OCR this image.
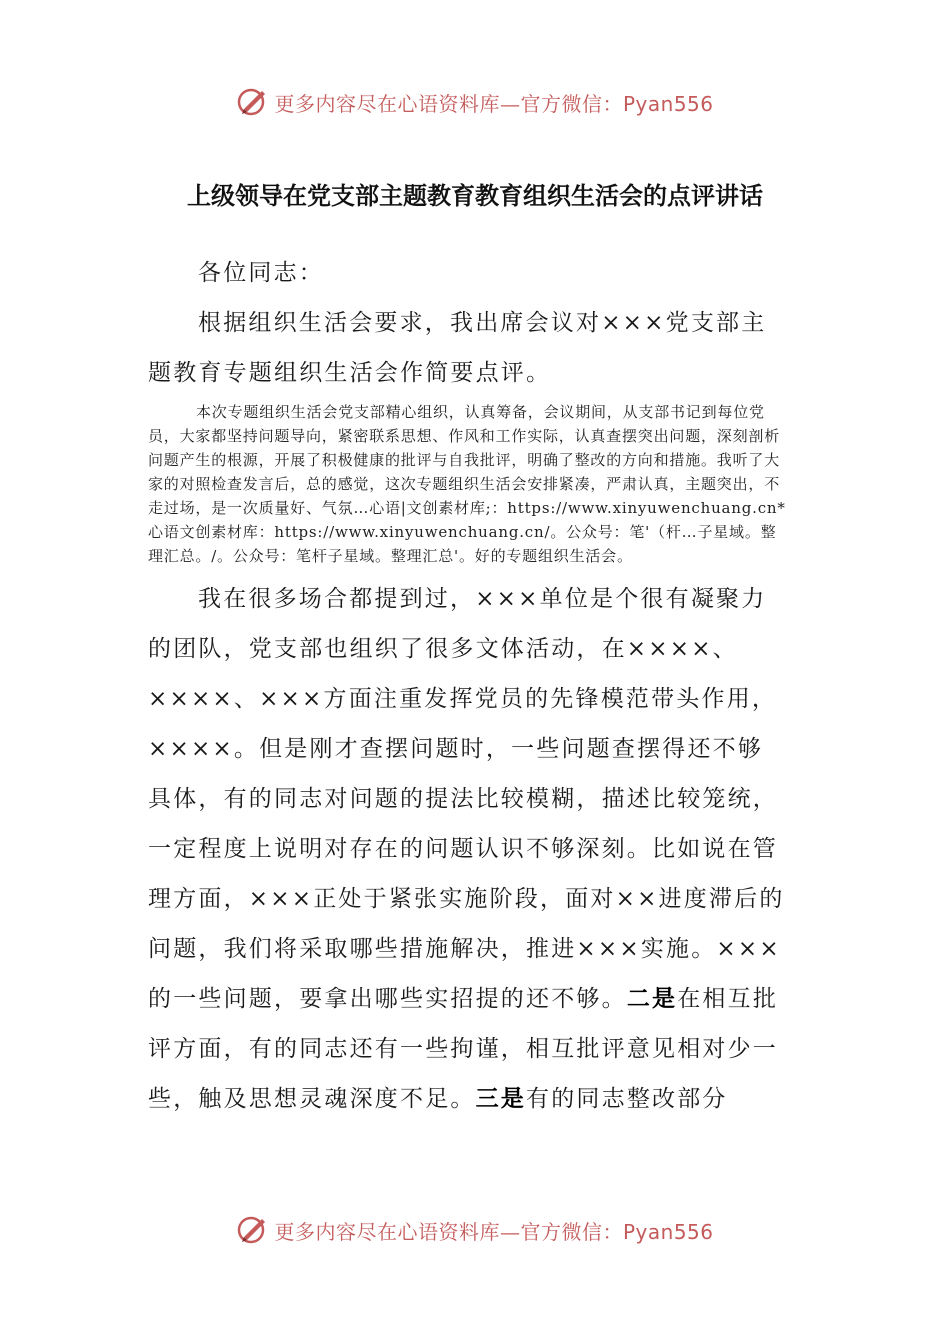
更多内容尽在心语资料库—官方微信：Pyan556
上级领导在党支部主题教育教育组织生活会的点评讲话

各位同志：

根据组织生活会要求，我出席会议对×××党支部主题教育专题组织生活会作简要点评。

本次专题组织生活会党支部精心组织，认真筹备，会议期间，从支部书记到每位党员，大家都坚持问题导向，紧密联系思想、作风和工作实际，认真查摆突出问题，深刻剖析问题产生的根源，开展了积极健康的批评与自我批评，明确了整改的方向和措施。我听了大家的对照检查发言后，总的感觉，这次专题组织生活会安排紧凑，严肃认真，主题突出，不走过场，是一次质量好、气氛…心语|文创素材库;：https://www.xinyuwenchuang.cn*心语文创素材库：https://www.xinyuwenchuang.cn/。公众号：笔'（杆…子星域。整理汇总。/。公众号：笔杆子星域。整理汇总'。好的专题组织生活会。

我在很多场合都提到过，×××单位是个很有凝聚力的团队，党支部也组织了很多文体活动，在××××、××××、×××方面注重发挥党员的先锋模范带头作用，××××。但是刚才查摆问题时，一些问题查摆得还不够具体，有的同志对问题的提法比较模糊，描述比较笼统，一定程度上说明对存在的问题认识不够深刻。比如说在管理方面，×××正处于紧张实施阶段，面对××进度滞后的问题，我们将采取哪些措施解决，推进×××实施。×××的一些问题，要拿出哪些实招提的还不够。二是在相互批评方面，有的同志还有一些拘谨，相互批评意见相对少一些，触及思想灵魂深度不足。三是有的同志整改部分

更多内容尽在心语资料库—官方微信：Pyan556
